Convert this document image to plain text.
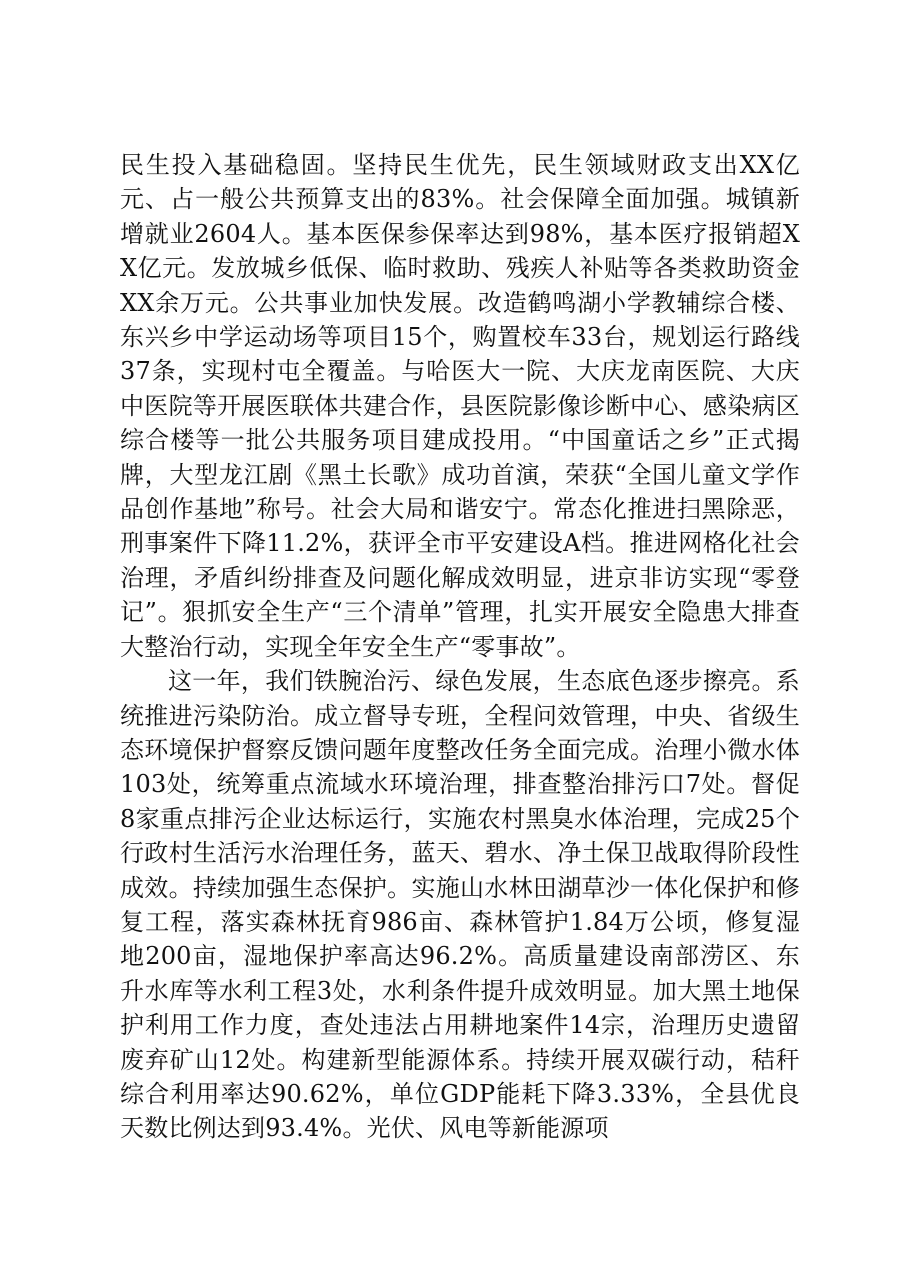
民生投入基础稳固。坚持民生优先，民生领域财政支出XX亿元、占一般公共预算支出的83%。社会保障全面加强。城镇新增就业2604人。基本医保参保率达到98%，基本医疗报销超XX亿元。发放城乡低保、临时救助、残疾人补贴等各类救助资金XX余万元。公共事业加快发展。改造鹤鸣湖小学教辅综合楼、东兴乡中学运动场等项目15个，购置校车33台，规划运行路线37条，实现村屯全覆盖。与哈医大一院、大庆龙南医院、大庆中医院等开展医联体共建合作，县医院影像诊断中心、感染病区综合楼等一批公共服务项目建成投用。“中国童话之乡”正式揭牌，大型龙江剧《黑土长歌》成功首演，荣获“全国儿童文学作品创作基地”称号。社会大局和谐安宁。常态化推进扫黑除恶，刑事案件下降11.2%，获评全市平安建设A档。推进网格化社会治理，矛盾纠纷排查及问题化解成效明显，进京非访实现“零登记”。狠抓安全生产“三个清单”管理，扎实开展安全隐患大排查大整治行动，实现全年安全生产“零事故”。

这一年，我们铁腕治污、绿色发展，生态底色逐步擦亮。系统推进污染防治。成立督导专班，全程问效管理，中央、省级生态环境保护督察反馈问题年度整改任务全面完成。治理小微水体103处，统筹重点流域水环境治理，排查整治排污口7处。督促8家重点排污企业达标运行，实施农村黑臭水体治理，完成25个行政村生活污水治理任务，蓝天、碧水、净土保卫战取得阶段性成效。持续加强生态保护。实施山水林田湖草沙一体化保护和修复工程，落实森林抚育986亩、森林管护1.84万公顷，修复湿地200亩，湿地保护率高达96.2%。高质量建设南部涝区、东升水库等水利工程3处，水利条件提升成效明显。加大黑土地保护利用工作力度，查处违法占用耕地案件14宗，治理历史遗留废弃矿山12处。构建新型能源体系。持续开展双碳行动，秸秆综合利用率达90.62%，单位GDP能耗下降3.33%，全县优良天数比例达到93.4%。光伏、风电等新能源项
